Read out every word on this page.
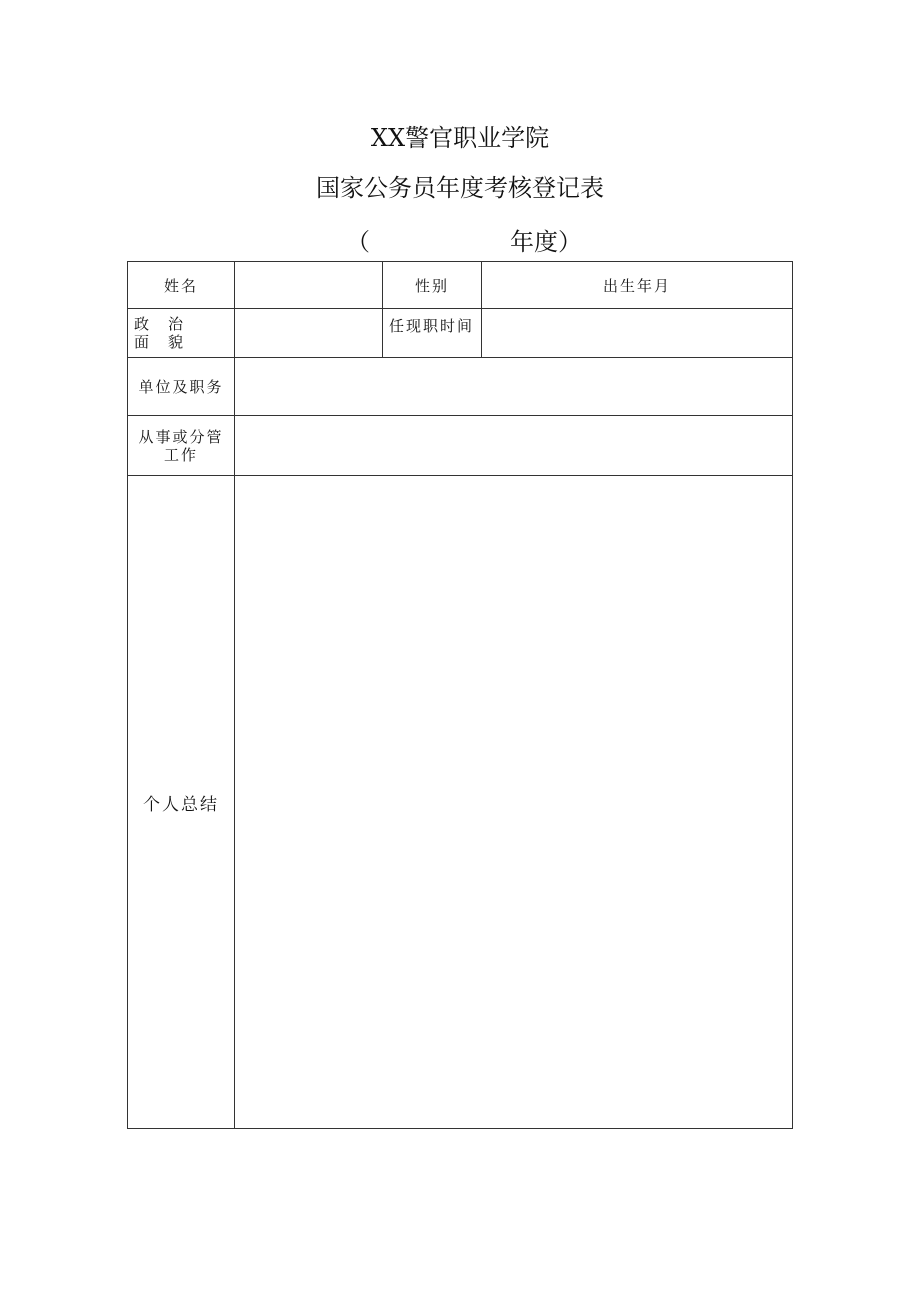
XX警官职业学院
国家公务员年度考核登记表
（	年度）
姓名		性别	出生年月

政　治
面　貌		任现职时间	
单位及职务			

从事或分管
工作			

个人总结			
